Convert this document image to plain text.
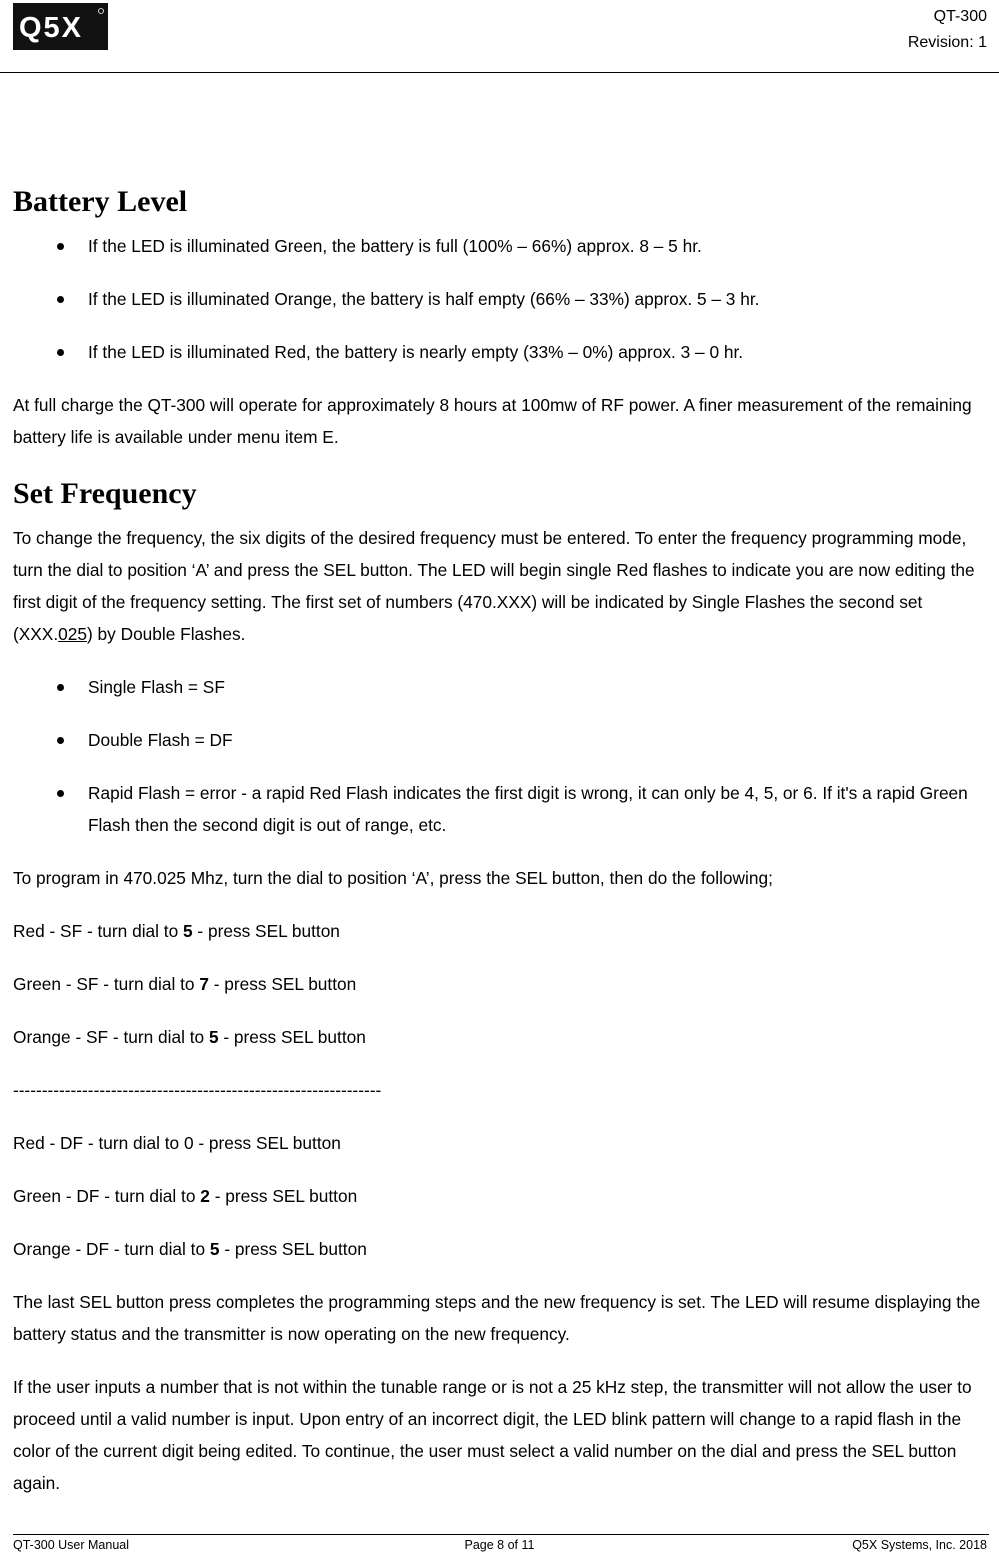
Q5X	QT-300
Revision: 1
Battery Level
If the LED is illuminated Green, the battery is full (100% – 66%) approx. 8 – 5 hr.
If the LED is illuminated Orange, the battery is half empty (66% – 33%) approx. 5 – 3 hr.
If the LED is illuminated Red, the battery is nearly empty (33% – 0%) approx. 3 – 0 hr.

At full charge the QT-300 will operate for approximately 8 hours at 100mw of RF power. A finer measurement of the remaining battery life is available under menu item E.

Set Frequency

To change the frequency, the six digits of the desired frequency must be entered. To enter the frequency programming mode, turn the dial to position ‘A’ and press the SEL button. The LED will begin single Red flashes to indicate you are now editing the first digit of the frequency setting. The first set of numbers (470.XXX) will be indicated by Single Flashes the second set (XXX.025) by Double Flashes.

Single Flash = SF
Double Flash = DF
Rapid Flash = error - a rapid Red Flash indicates the first digit is wrong, it can only be 4, 5, or 6. If it's a rapid Green Flash then the second digit is out of range, etc.

To program in 470.025 Mhz, turn the dial to position ‘A’, press the SEL button, then do the following;

Red - SF - turn dial to 5 - press SEL button

Green - SF - turn dial to 7 - press SEL button

Orange - SF - turn dial to 5 - press SEL button

----------------------------------------------------------------

Red - DF - turn dial to 0 - press SEL button

Green - DF - turn dial to 2 - press SEL button

Orange - DF - turn dial to 5 - press SEL button

The last SEL button press completes the programming steps and the new frequency is set. The LED will resume displaying the battery status and the transmitter is now operating on the new frequency.

If the user inputs a number that is not within the tunable range or is not a 25 kHz step, the transmitter will not allow the user to proceed until a valid number is input. Upon entry of an incorrect digit, the LED blink pattern will change to a rapid flash in the color of the current digit being edited. To continue, the user must select a valid number on the dial and press the SEL button again.

QT-300 User Manual	Page 8 of 11	Q5X Systems, Inc. 2018
